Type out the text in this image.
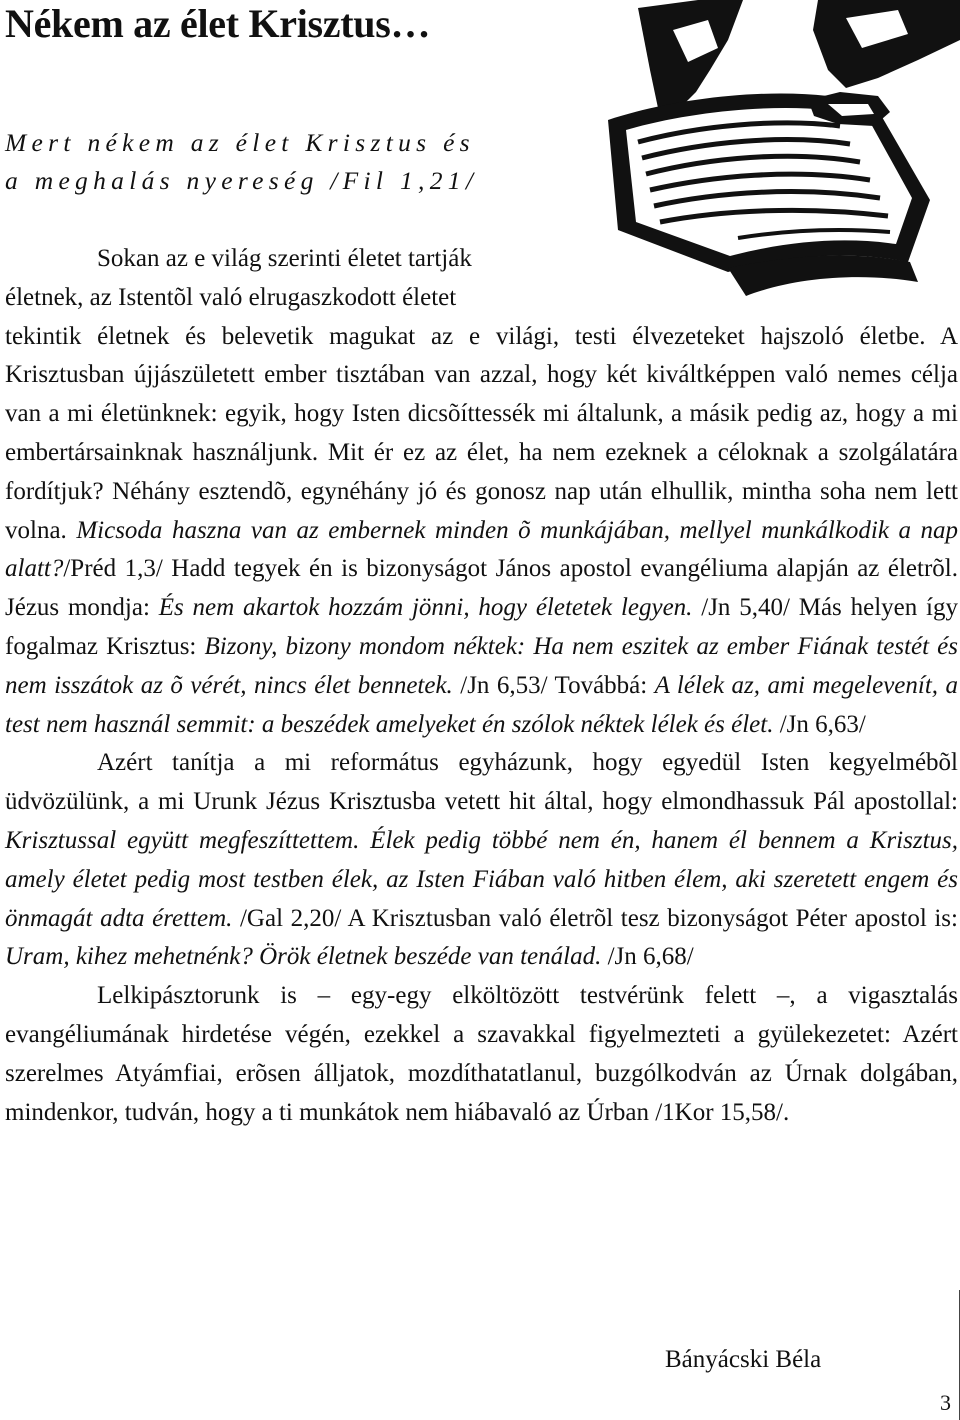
Nékem az élet Krisztus…
Mert nékem az élet Krisztus és
a meghalás nyereség /Fil 1,21/

Sokan az e világ szerinti életet tartják
életnek, az Istentõl való elrugaszkodott életet

tekintik életnek és belevetik magukat az e világi, testi élvezeteket hajszoló életbe. A Krisztusban újjászületett ember tisztában van azzal, hogy két kiváltképpen való nemes célja van a mi életünknek: egyik, hogy Isten dicsõíttessék mi általunk, a másik pedig az, hogy a mi embertársainknak használjunk. Mit ér ez az élet, ha nem ezeknek a céloknak a szolgálatára fordítjuk? Néhány esztendõ, egynéhány jó és gonosz nap után elhullik, mintha soha nem lett volna. Micsoda haszna van az embernek minden õ munkájában, mellyel munkálkodik a nap alatt?/Préd 1,3/ Hadd tegyek én is bizonyságot János apostol evangéliuma alapján az életrõl. Jézus mondja: És nem akartok hozzám jönni, hogy életetek legyen. /Jn 5,40/ Más helyen így fogalmaz Krisztus: Bizony, bizony mondom néktek: Ha nem eszitek az ember Fiának testét és nem isszátok az õ vérét, nincs élet bennetek. /Jn 6,53/ Továbbá: A lélek az, ami megelevenít, a test nem használ semmit: a beszédek amelyeket én szólok néktek lélek és élet. /Jn 6,63/

Azért tanítja a mi református egyházunk, hogy egyedül Isten kegyelmébõl üdvözülünk, a mi Urunk Jézus Krisztusba vetett hit által, hogy elmondhassuk Pál apostollal: Krisztussal együtt megfeszíttettem. Élek pedig többé nem én, hanem él bennem a Krisztus, amely életet pedig most testben élek, az Isten Fiában való hitben élem, aki szeretett engem és önmagát adta érettem. /Gal 2,20/ A Krisztusban való életrõl tesz bizonyságot Péter apostol is: Uram, kihez mehetnénk? Örök életnek beszéde van tenálad. /Jn 6,68/

Lelkipásztorunk is – egy-egy elköltözött testvérünk felett –, a vigasztalás evangéliumának hirdetése végén, ezekkel a szavakkal figyelmezteti a gyülekezetet: Azért szerelmes Atyámfiai, erõsen álljatok, mozdíthatatlanul, buzgólkodván az Úrnak dolgában, mindenkor, tudván, hogy a ti munkátok nem hiábavaló az Úrban /1Kor 15,58/.

Bányácski Béla
3
